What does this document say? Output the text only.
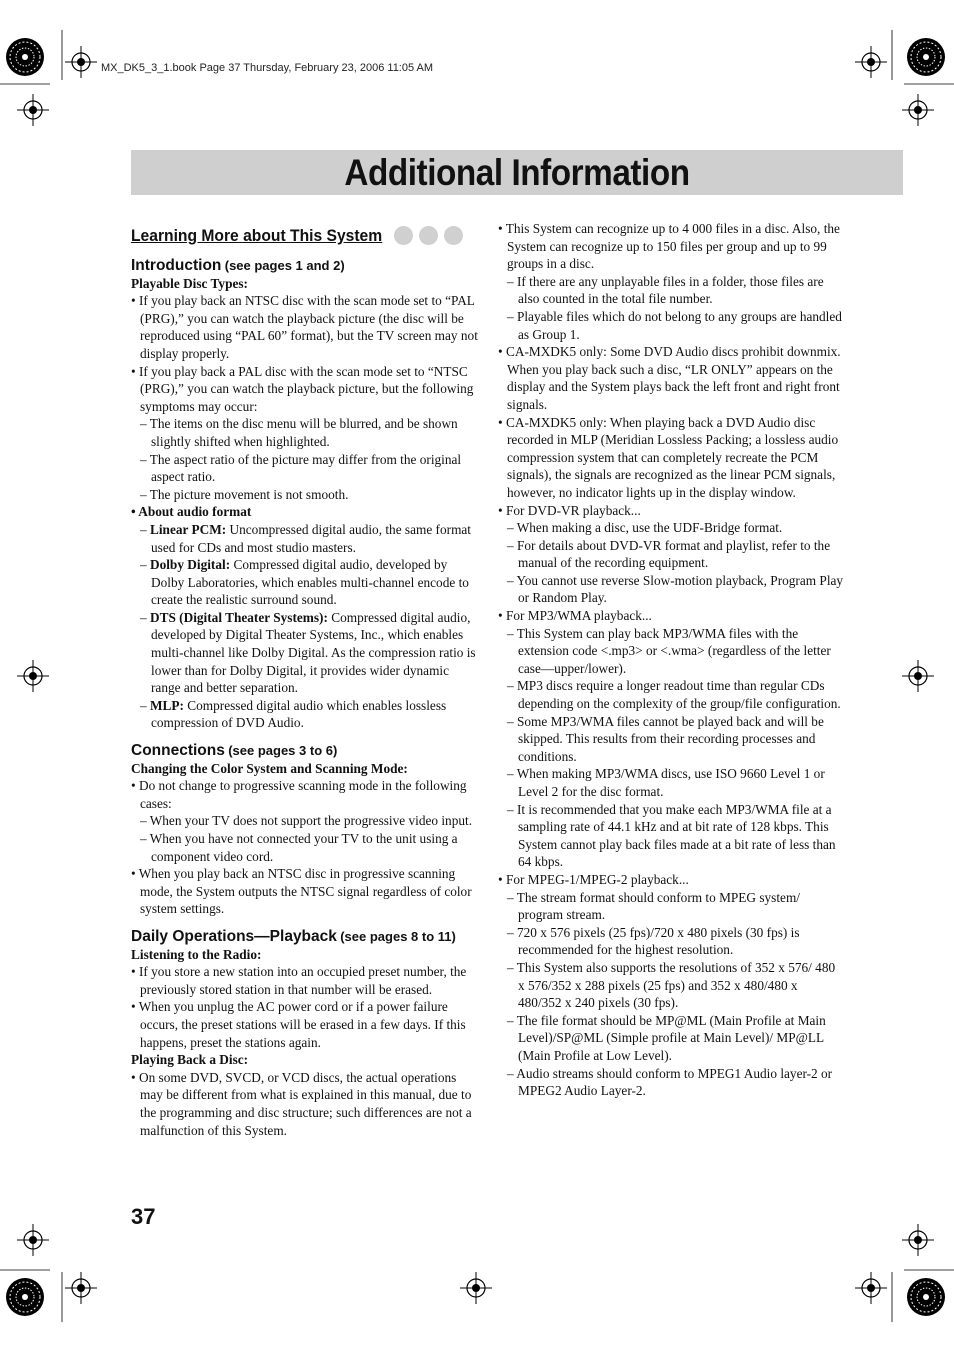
MX_DK5_3_1.book Page 37 Thursday, February 23, 2006 11:05 AM
Additional Information
Learning More about This System
Introduction (see pages 1 and 2)
Playable Disc Types:
• If you play back an NTSC disc with the scan mode set to “PAL (PRG),” you can watch the playback picture (the disc will be reproduced using “PAL 60” format), but the TV screen may not display properly.
• If you play back a PAL disc with the scan mode set to “NTSC (PRG),” you can watch the playback picture, but the following symptoms may occur:
– The items on the disc menu will be blurred, and be shown slightly shifted when highlighted.
– The aspect ratio of the picture may differ from the original aspect ratio.
– The picture movement is not smooth.
• About audio format
– Linear PCM: Uncompressed digital audio, the same format used for CDs and most studio masters.
– Dolby Digital: Compressed digital audio, developed by Dolby Laboratories, which enables multi-channel encode to create the realistic surround sound.
– DTS (Digital Theater Systems): Compressed digital audio, developed by Digital Theater Systems, Inc., which enables multi-channel like Dolby Digital. As the compression ratio is lower than for Dolby Digital, it provides wider dynamic range and better separation.
– MLP: Compressed digital audio which enables lossless compression of DVD Audio.
Connections (see pages 3 to 6)
Changing the Color System and Scanning Mode:
• Do not change to progressive scanning mode in the following cases:
– When your TV does not support the progressive video input.
– When you have not connected your TV to the unit using a component video cord.
• When you play back an NTSC disc in progressive scanning mode, the System outputs the NTSC signal regardless of color system settings.
Daily Operations—Playback (see pages 8 to 11)
Listening to the Radio:
• If you store a new station into an occupied preset number, the previously stored station in that number will be erased.
• When you unplug the AC power cord or if a power failure occurs, the preset stations will be erased in a few days. If this happens, preset the stations again.
Playing Back a Disc:
• On some DVD, SVCD, or VCD discs, the actual operations may be different from what is explained in this manual, due to the programming and disc structure; such differences are not a malfunction of this System.
• This System can recognize up to 4 000 files in a disc. Also, the System can recognize up to 150 files per group and up to 99 groups in a disc.
– If there are any unplayable files in a folder, those files are also counted in the total file number.
– Playable files which do not belong to any groups are handled as Group 1.
• CA-MXDK5 only: Some DVD Audio discs prohibit downmix. When you play back such a disc, “LR ONLY” appears on the display and the System plays back the left front and right front signals.
• CA-MXDK5 only: When playing back a DVD Audio disc recorded in MLP (Meridian Lossless Packing; a lossless audio compression system that can completely recreate the PCM signals), the signals are recognized as the linear PCM signals, however, no indicator lights up in the display window.
• For DVD-VR playback...
– When making a disc, use the UDF-Bridge format.
– For details about DVD-VR format and playlist, refer to the manual of the recording equipment.
– You cannot use reverse Slow-motion playback, Program Play or Random Play.
• For MP3/WMA playback...
– This System can play back MP3/WMA files with the extension code <.mp3> or <.wma> (regardless of the letter case—upper/lower).
– MP3 discs require a longer readout time than regular CDs depending on the complexity of the group/file configuration.
– Some MP3/WMA files cannot be played back and will be skipped. This results from their recording processes and conditions.
– When making MP3/WMA discs, use ISO 9660 Level 1 or Level 2 for the disc format.
– It is recommended that you make each MP3/WMA file at a sampling rate of 44.1 kHz and at bit rate of 128 kbps. This System cannot play back files made at a bit rate of less than 64 kbps.
• For MPEG-1/MPEG-2 playback...
– The stream format should conform to MPEG system/ program stream.
– 720 x 576 pixels (25 fps)/720 x 480 pixels (30 fps) is recommended for the highest resolution.
– This System also supports the resolutions of 352 x 576/ 480 x 576/352 x 288 pixels (25 fps) and 352 x 480/480 x 480/352 x 240 pixels (30 fps).
– The file format should be MP@ML (Main Profile at Main Level)/SP@ML (Simple profile at Main Level)/ MP@LL (Main Profile at Low Level).
– Audio streams should conform to MPEG1 Audio layer-2 or MPEG2 Audio Layer-2.
37
